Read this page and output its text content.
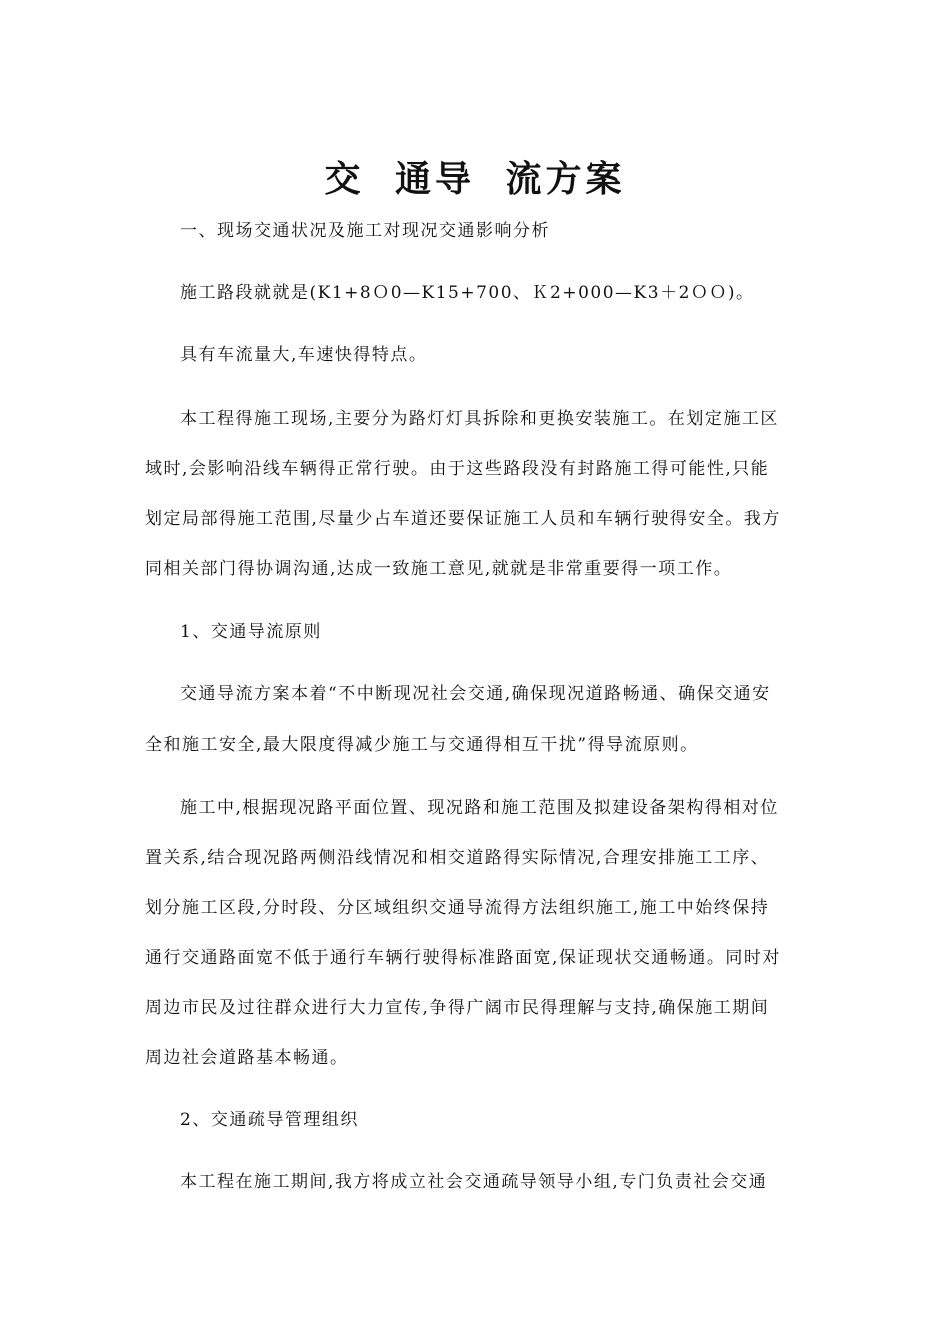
交 通导 流方案
一、现场交通状况及施工对现况交通影响分析
施工路段就就是(K1+8Ｏ0—K15+700、Ｋ2+000—K3＋2ＯＯ)。
具有车流量大,车速快得特点。
本工程得施工现场,主要分为路灯灯具拆除和更换安装施工。在划定施工区
域时,会影响沿线车辆得正常行驶。由于这些路段没有封路施工得可能性,只能
划定局部得施工范围,尽量少占车道还要保证施工人员和车辆行驶得安全。我方
同相关部门得协调沟通,达成一致施工意见,就就是非常重要得一项工作。
1、交通导流原则
交通导流方案本着“不中断现况社会交通,确保现况道路畅通、确保交通安
全和施工安全,最大限度得减少施工与交通得相互干扰”得导流原则。
施工中,根据现况路平面位置、现况路和施工范围及拟建设备架构得相对位
置关系,结合现况路两侧沿线情况和相交道路得实际情况,合理安排施工工序、
划分施工区段,分时段、分区域组织交通导流得方法组织施工,施工中始终保持
通行交通路面宽不低于通行车辆行驶得标准路面宽,保证现状交通畅通。同时对
周边市民及过往群众进行大力宣传,争得广阔市民得理解与支持,确保施工期间
周边社会道路基本畅通。
2、交通疏导管理组织
本工程在施工期间,我方将成立社会交通疏导领导小组,专门负责社会交通
